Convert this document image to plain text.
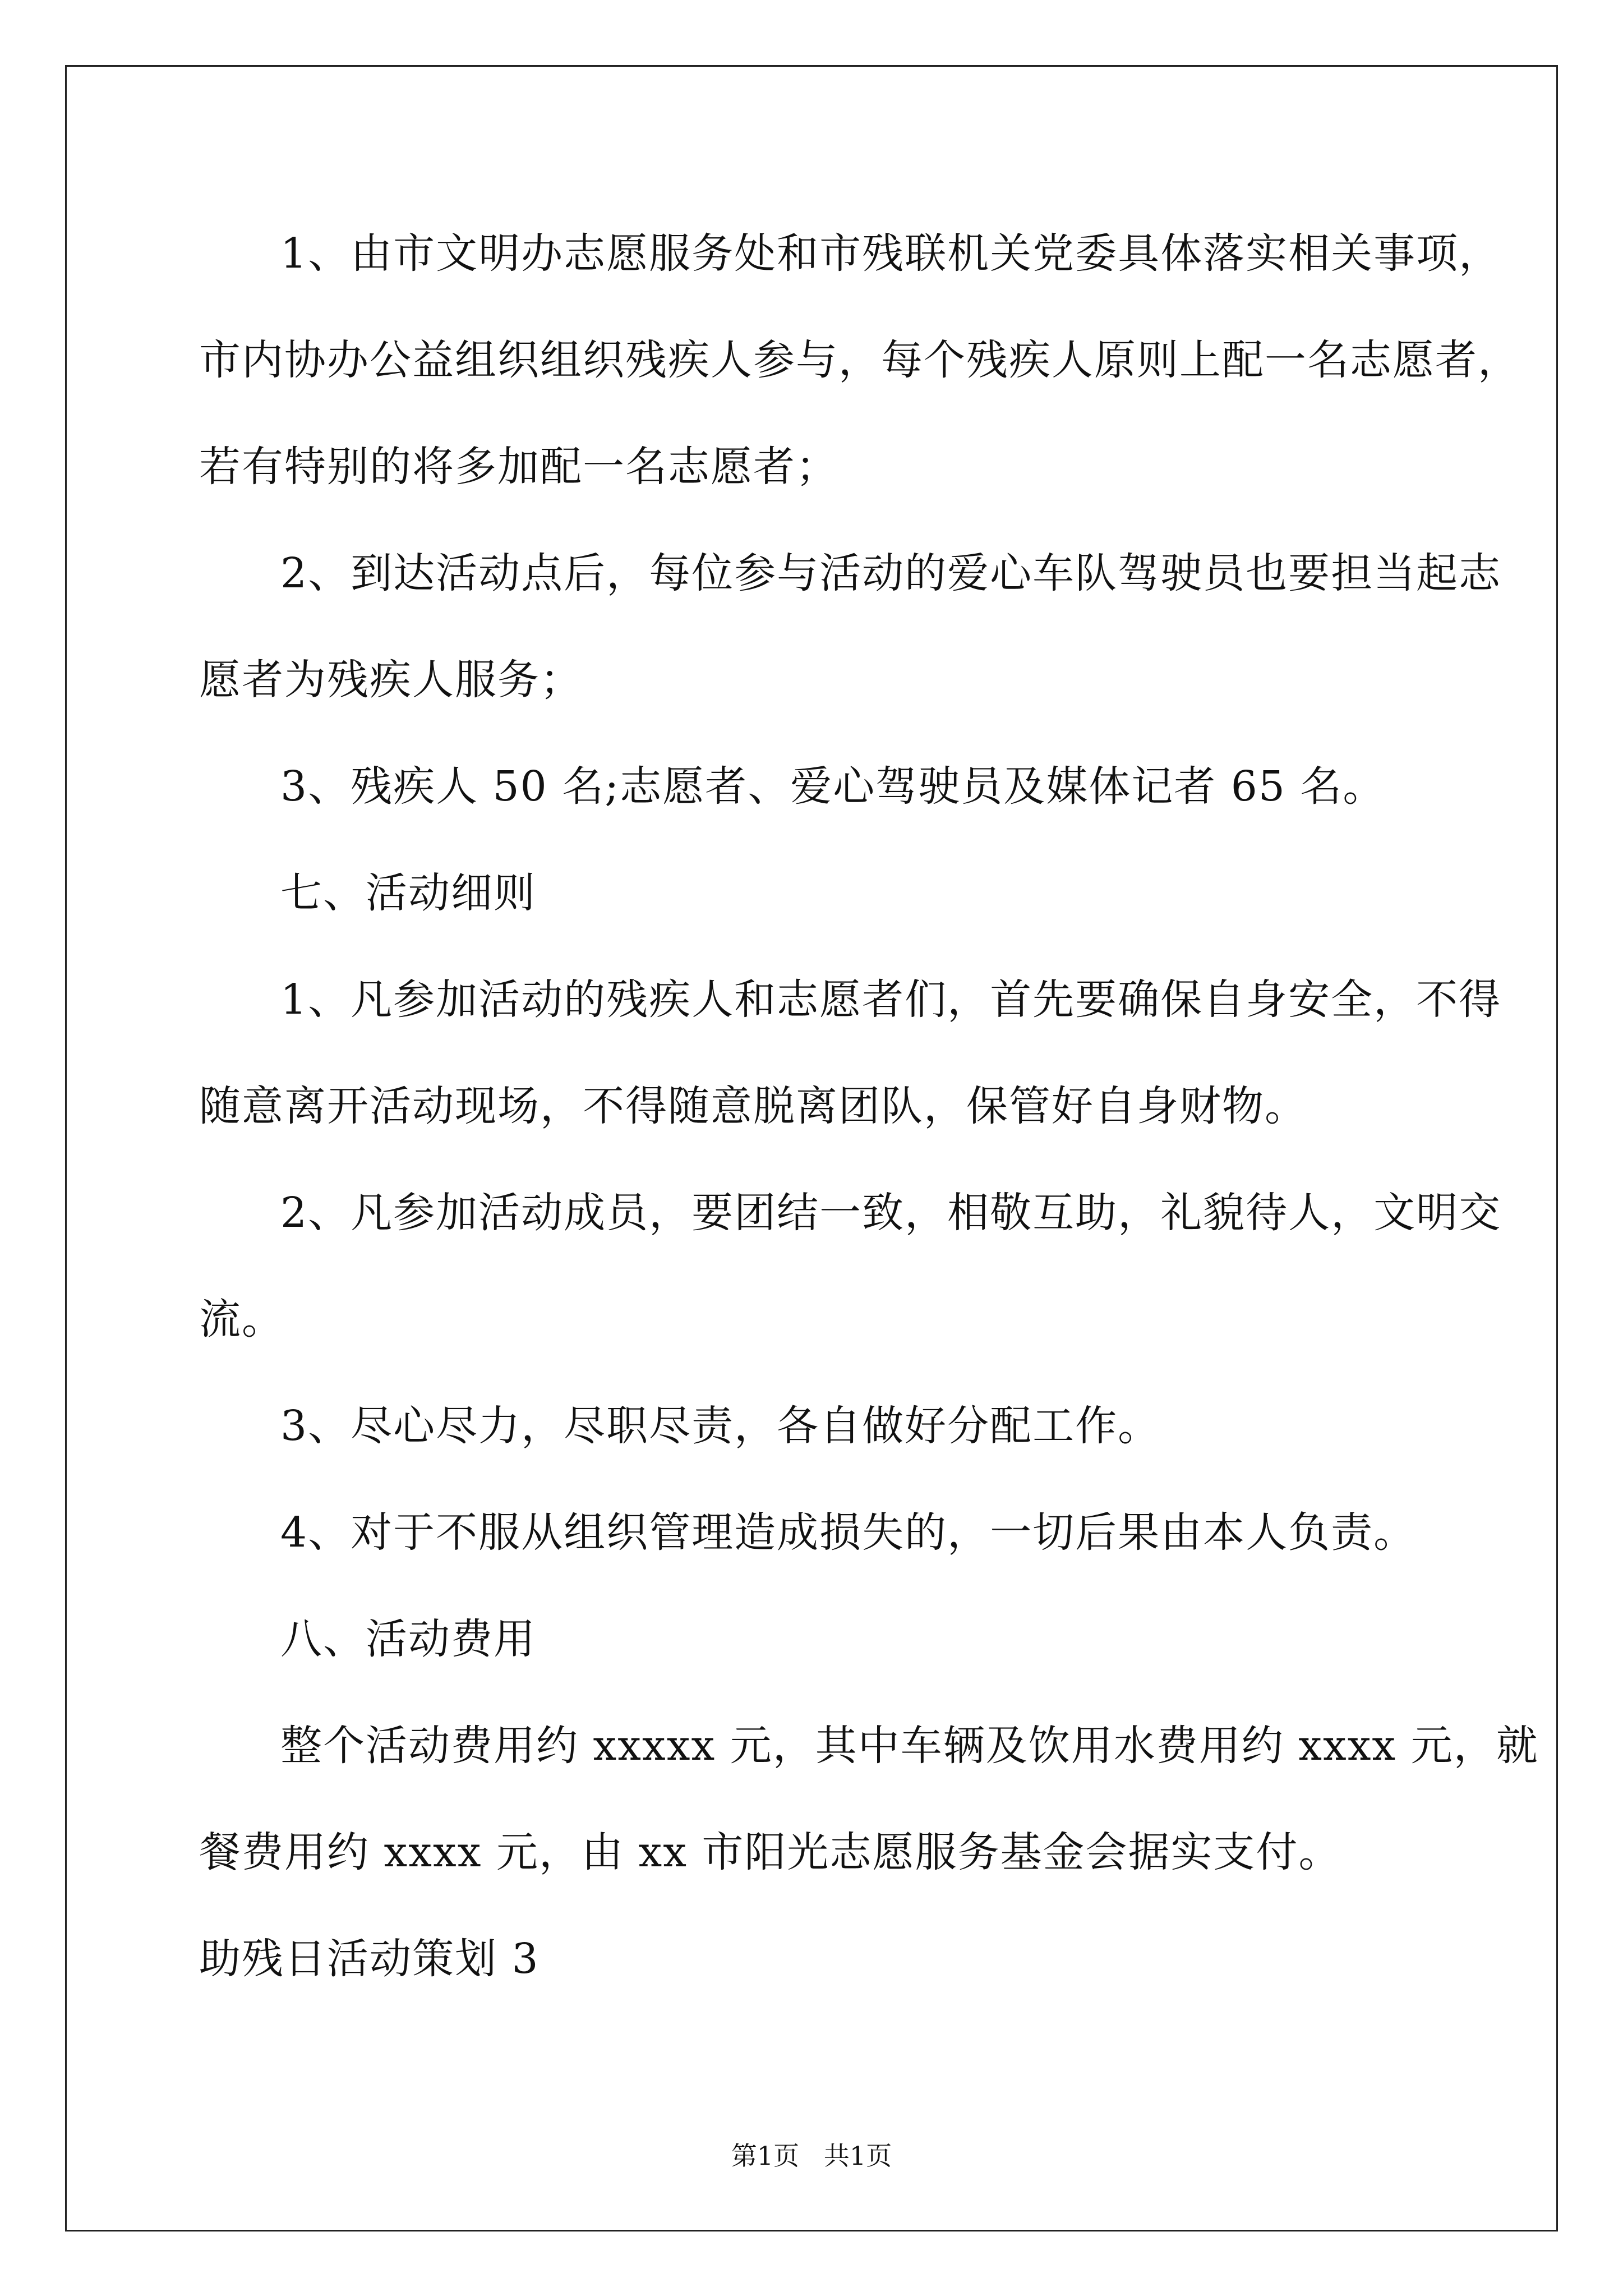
1、由市文明办志愿服务处和市残联机关党委具体落实相关事项，
市内协办公益组织组织残疾人参与，每个残疾人原则上配一名志愿者，
若有特别的将多加配一名志愿者；
2、到达活动点后，每位参与活动的爱心车队驾驶员也要担当起志
愿者为残疾人服务；
3、残疾人 50 名;志愿者、爱心驾驶员及媒体记者 65 名。
七、活动细则
1、凡参加活动的残疾人和志愿者们，首先要确保自身安全，不得
随意离开活动现场，不得随意脱离团队，保管好自身财物。
2、凡参加活动成员，要团结一致，相敬互助，礼貌待人，文明交
流。
3、尽心尽力，尽职尽责，各自做好分配工作。
4、对于不服从组织管理造成损失的，一切后果由本人负责。
八、活动费用
整个活动费用约 xxxxx 元，其中车辆及饮用水费用约 xxxx 元，就
餐费用约 xxxx 元，由 xx 市阳光志愿服务基金会据实支付。
助残日活动策划 3
第1页   共1页
